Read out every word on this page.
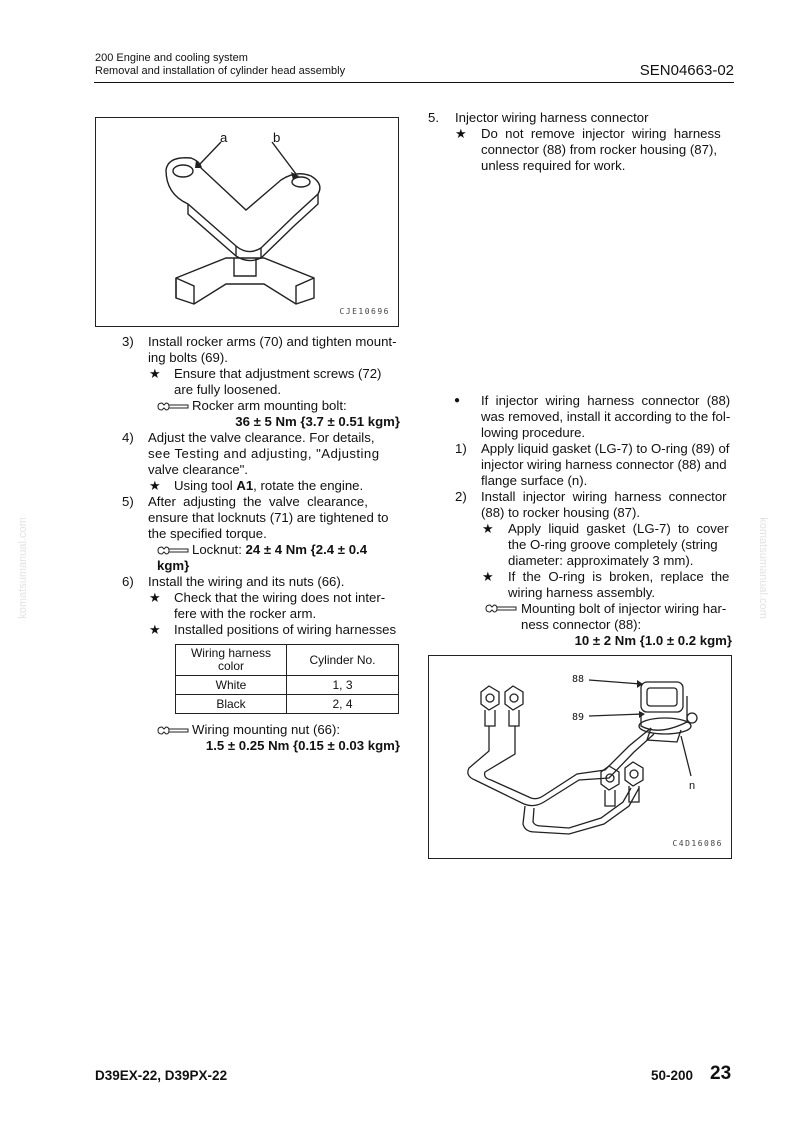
200 Engine and cooling system
Removal and installation of cylinder head assembly	SEN04663-02
komatsumanual.com	komatsumanual.com
a	b
CJE10696
3) Install rocker arms (70) and tighten mount-
ing bolts (69).
★ Ensure that adjustment screws (72)
are fully loosened.
Rocker arm mounting bolt:
36 ± 5 Nm {3.7 ± 0.51 kgm}
4) Adjust the valve clearance. For details,
see Testing and adjusting, "Adjusting
valve clearance".
★ Using tool A1, rotate the engine.
5) After  adjusting  the  valve  clearance,
ensure that locknuts (71) are tightened to
the specified torque.
Locknut: 24 ± 4 Nm {2.4 ± 0.4 kgm}
6) Install the wiring and its nuts (66).
★ Check that the wiring does not inter-
fere with the rocker arm.
★ Installed positions of wiring harnesses
Wiring harness
color	Cylinder No.
White	1, 3
Black	2, 4
Wiring mounting nut (66):
1.5 ± 0.25 Nm {0.15 ± 0.03 kgm}
5. Injector wiring harness connector
★ Do  not  remove  injector  wiring  harness
connector (88) from rocker housing (87),
unless required for work.
● If  injector  wiring  harness  connector  (88)
was removed, install it according to the fol-
lowing procedure.
1) Apply liquid gasket (LG-7) to O-ring (89) of
injector wiring harness connector (88) and
flange surface (n).
2) Install  injector  wiring  harness  connector
(88) to rocker housing (87).
★ Apply  liquid  gasket  (LG-7)  to  cover
the O-ring groove completely (string
diameter: approximately 3 mm).
★ If  the  O-ring  is  broken,  replace  the
wiring harness assembly.
Mounting bolt of injector wiring har-
ness connector (88):
10 ± 2 Nm {1.0 ± 0.2 kgm}
88
89
n
C4D16086
D39EX-22, D39PX-22	50-200 23
